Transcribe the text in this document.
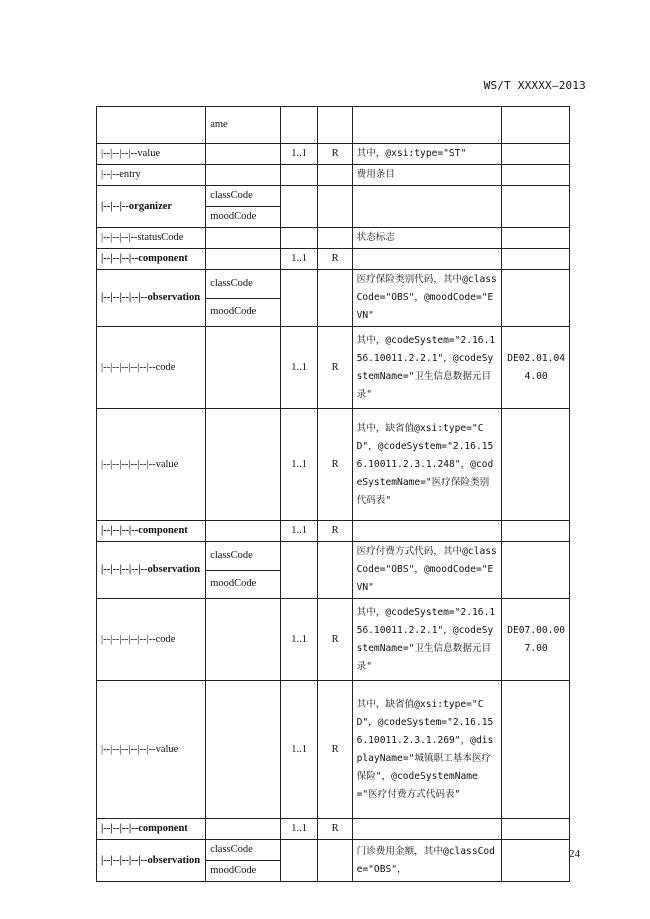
WS/T XXXXX—2013
	ame				
|--|--|--|--value		1..1	R	其中，@xsi:type="ST"	
|--|--entry				费用条目	
|--|--|--organizer	classCode				
	moodCode				
|--|--|--|--statusCode				状态标志	
|--|--|--|--component		1..1	R		
|--|--|--|--|--observation	classCode			医疗保险类别代码，其中@classCode="OBS"，@moodCode="EVN"	
	moodCode				
|--|--|--|--|--|--code		1..1	R	其中，@codeSystem="2.16.156.10011.2.2.1"，@codeSystemName="卫生信息数据元目录"	DE02.01.044.00
|--|--|--|--|--|--value		1..1	R	其中，缺省值@xsi:type="CD"，@codeSystem="2.16.156.10011.2.3.1.248"，@codeSystemName="医疗保险类别代码表"	
|--|--|--|--component		1..1	R		
|--|--|--|--|--observation	classCode			医疗付费方式代码，其中@classCode="OBS"，@moodCode="EVN"	
	moodCode				
|--|--|--|--|--|--code		1..1	R	其中，@codeSystem="2.16.156.10011.2.2.1"，@codeSystemName="卫生信息数据元目录"	DE07.00.007.00
|--|--|--|--|--|--value		1..1	R	其中，缺省值@xsi:type="CD"，@codeSystem="2.16.156.10011.2.3.1.269"，@displayName="城镇职工基本医疗保险"，@codeSystemName="医疗付费方式代码表"	
|--|--|--|--component		1..1	R		
|--|--|--|--|--observation	classCode			门诊费用金额，其中@classCode="OBS"，	
	moodCode				
24
